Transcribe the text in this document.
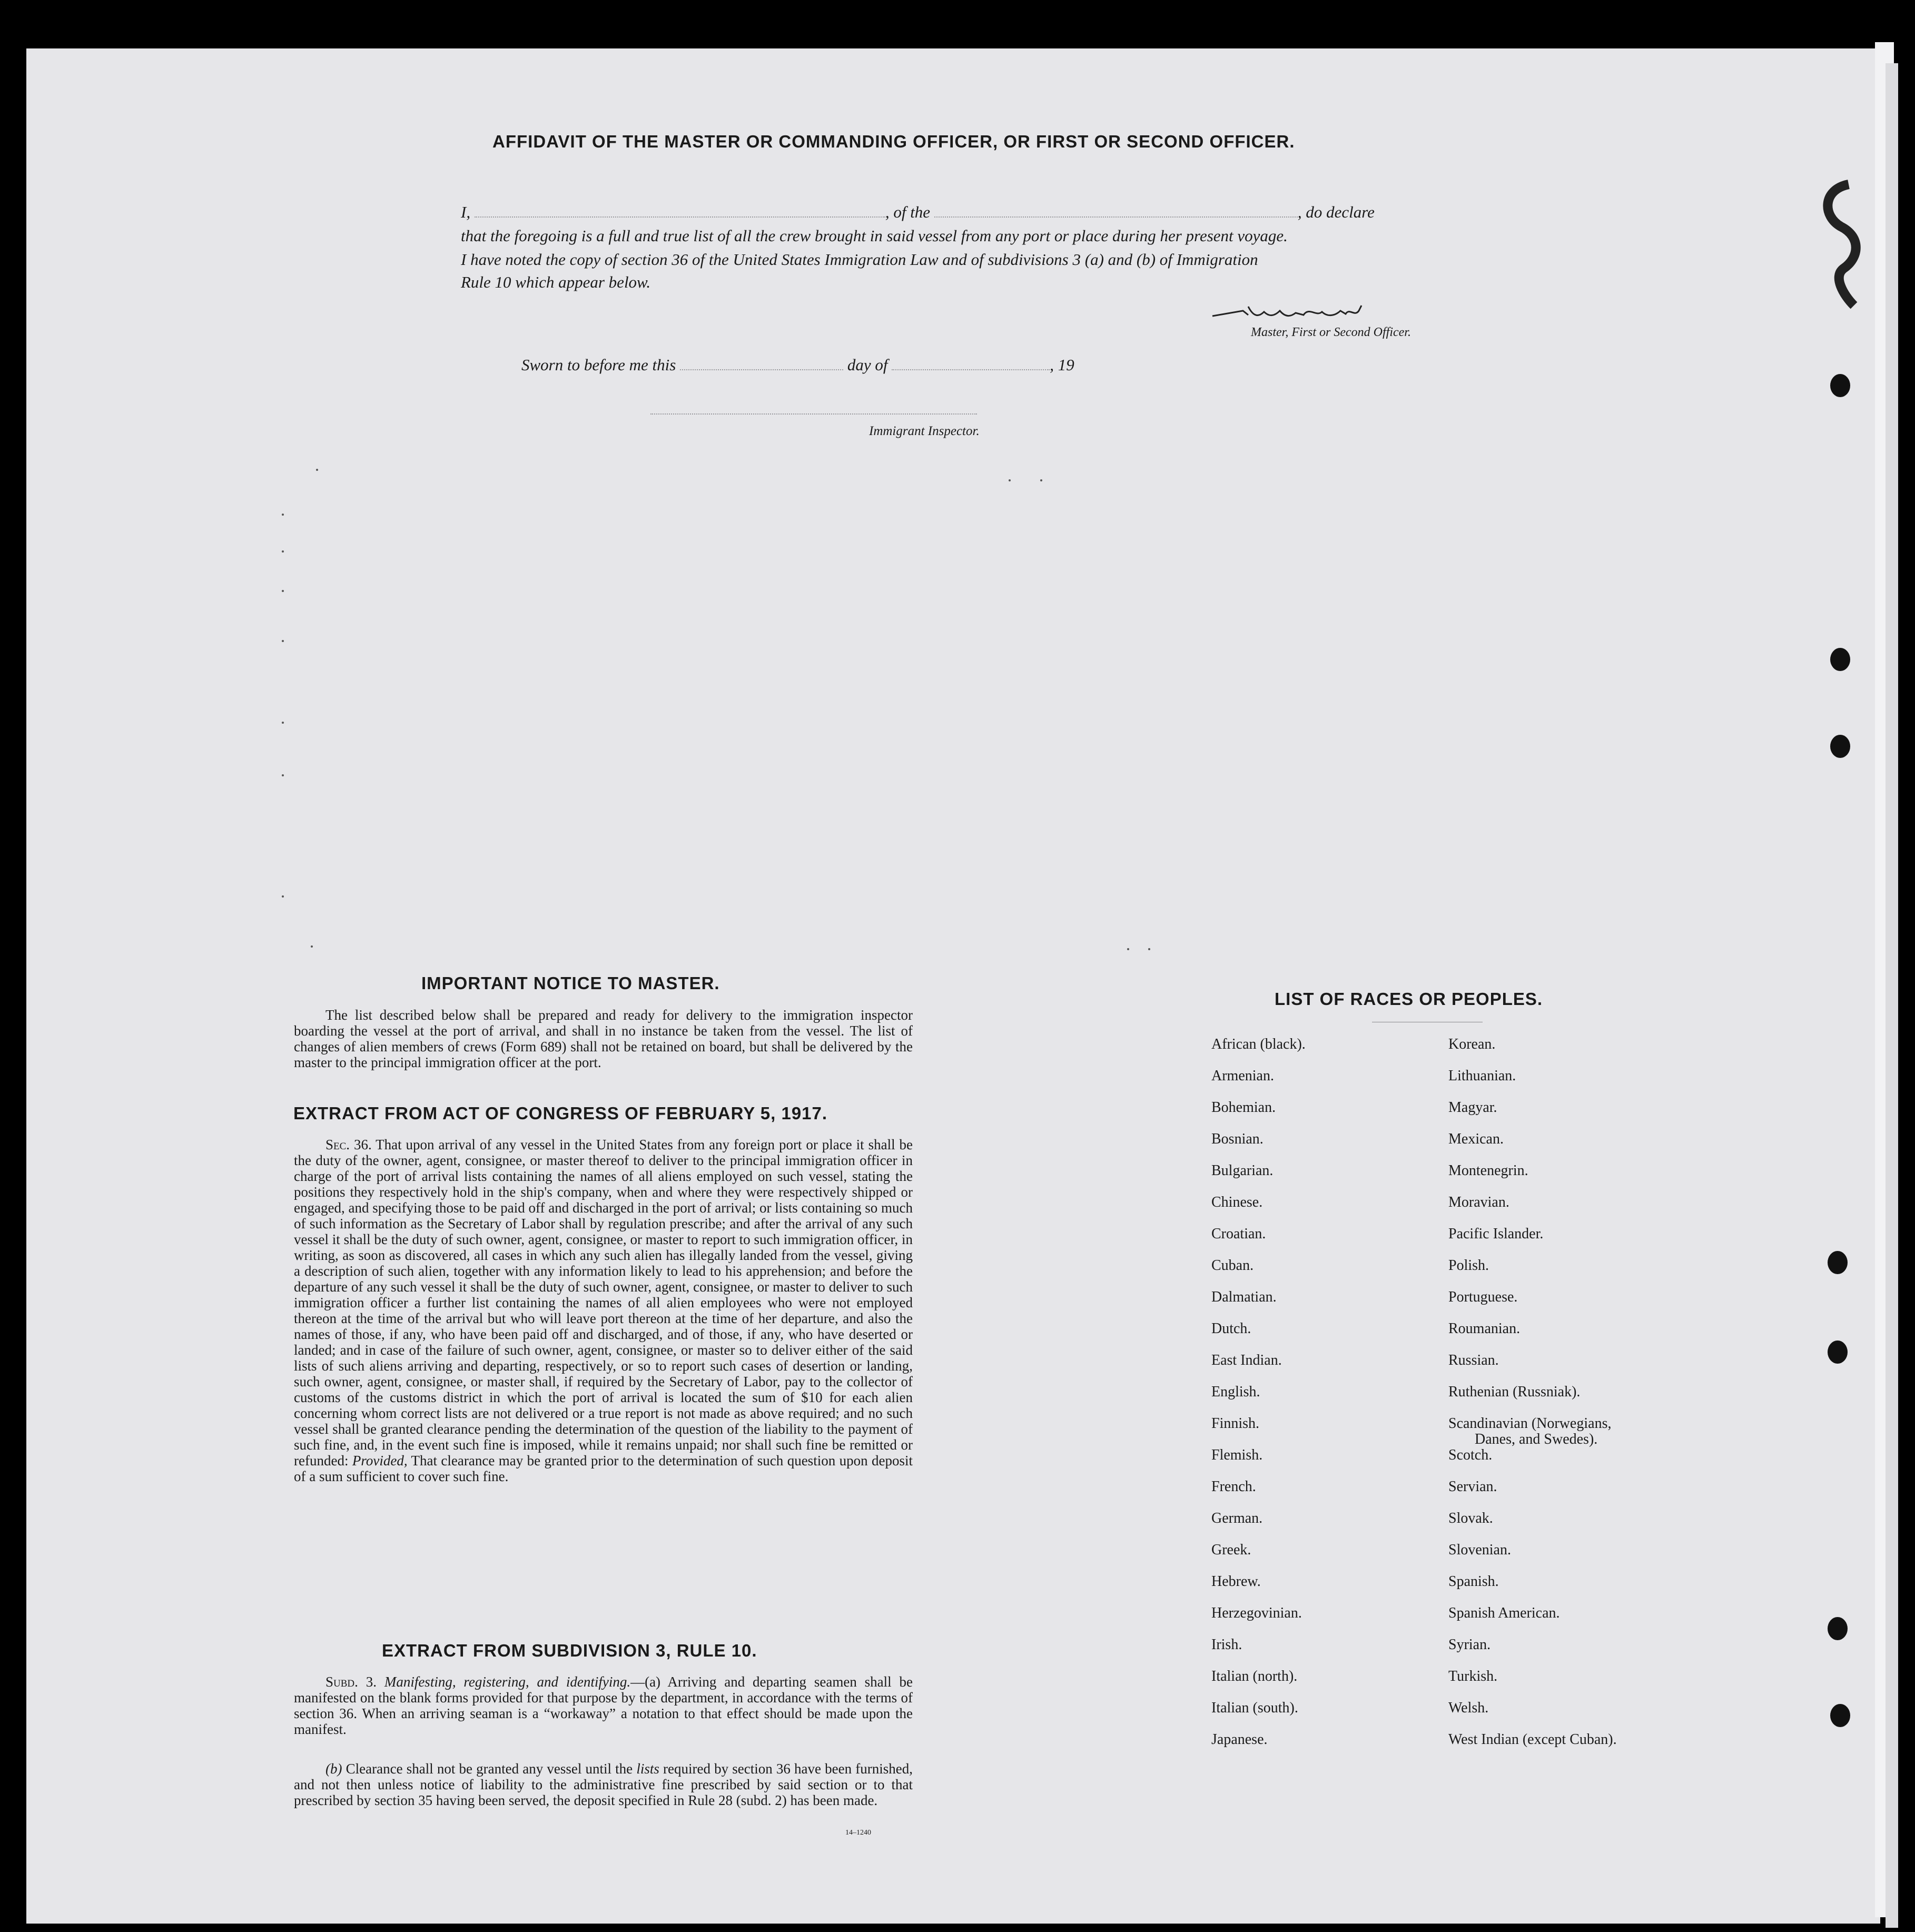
AFFIDAVIT OF THE MASTER OR COMMANDING OFFICER, OR FIRST OR SECOND OFFICER.
I,	, of the	, do declare
that the foregoing is a full and true list of all the crew brought in said vessel from any port or place during her present voyage.
I have noted the copy of section 36 of the United States Immigration Law and of subdivisions 3 (a) and (b) of Immigration
Rule 10 which appear below.
Master, First or Second Officer.
Sworn to before me this	day of	, 19
Immigrant Inspector.
IMPORTANT NOTICE TO MASTER.
The list described below shall be prepared and ready for delivery to the immigration inspector boarding the vessel at the port of arrival, and shall in no instance be taken from the vessel. The list of changes of alien members of crews (Form 689) shall not be retained on board, but shall be delivered by the master to the principal immigration officer at the port.
EXTRACT FROM ACT OF CONGRESS OF FEBRUARY 5, 1917.
Sec. 36. That upon arrival of any vessel in the United States from any foreign port or place it shall be the duty of the owner, agent, consignee, or master thereof to deliver to the principal immigration officer in charge of the port of arrival lists containing the names of all aliens employed on such vessel, stating the positions they respectively hold in the ship's company, when and where they were respectively shipped or engaged, and specifying those to be paid off and discharged in the port of arrival; or lists containing so much of such information as the Secretary of Labor shall by regulation prescribe; and after the arrival of any such vessel it shall be the duty of such owner, agent, consignee, or master to report to such immigration officer, in writing, as soon as discovered, all cases in which any such alien has illegally landed from the vessel, giving a description of such alien, together with any information likely to lead to his apprehension; and before the departure of any such vessel it shall be the duty of such owner, agent, consignee, or master to deliver to such immigration officer a further list containing the names of all alien employees who were not employed thereon at the time of the arrival but who will leave port thereon at the time of her departure, and also the names of those, if any, who have been paid off and discharged, and of those, if any, who have deserted or landed; and in case of the failure of such owner, agent, consignee, or master so to deliver either of the said lists of such aliens arriving and departing, respectively, or so to report such cases of desertion or landing, such owner, agent, consignee, or master shall, if required by the Secretary of Labor, pay to the collector of customs of the customs district in which the port of arrival is located the sum of $10 for each alien concerning whom correct lists are not delivered or a true report is not made as above required; and no such vessel shall be granted clearance pending the determination of the question of the liability to the payment of such fine, and, in the event such fine is imposed, while it remains unpaid; nor shall such fine be remitted or refunded: Provided, That clearance may be granted prior to the determination of such question upon deposit of a sum sufficient to cover such fine.
EXTRACT FROM SUBDIVISION 3, RULE 10.
Subd. 3. Manifesting, registering, and identifying.—(a) Arriving and departing seamen shall be manifested on the blank forms provided for that purpose by the department, in accordance with the terms of section 36. When an arriving seaman is a “workaway” a notation to that effect should be made upon the manifest.
(b) Clearance shall not be granted any vessel until the lists required by section 36 have been furnished, and not then unless notice of liability to the administrative fine prescribed by said section or to that prescribed by section 35 having been served, the deposit specified in Rule 28 (subd. 2) has been made.
14–1240
LIST OF RACES OR PEOPLES.
African (black).
Armenian.
Bohemian.
Bosnian.
Bulgarian.
Chinese.
Croatian.
Cuban.
Dalmatian.
Dutch.
East Indian.
English.
Finnish.
Flemish.
French.
German.
Greek.
Hebrew.
Herzegovinian.
Irish.
Italian (north).
Italian (south).
Japanese.
Korean.
Lithuanian.
Magyar.
Mexican.
Montenegrin.
Moravian.
Pacific Islander.
Polish.
Portuguese.
Roumanian.
Russian.
Ruthenian (Russniak).
Scandinavian (Norwegians,
Danes, and Swedes).
Scotch.
Servian.
Slovak.
Slovenian.
Spanish.
Spanish American.
Syrian.
Turkish.
Welsh.
West Indian (except Cuban).
